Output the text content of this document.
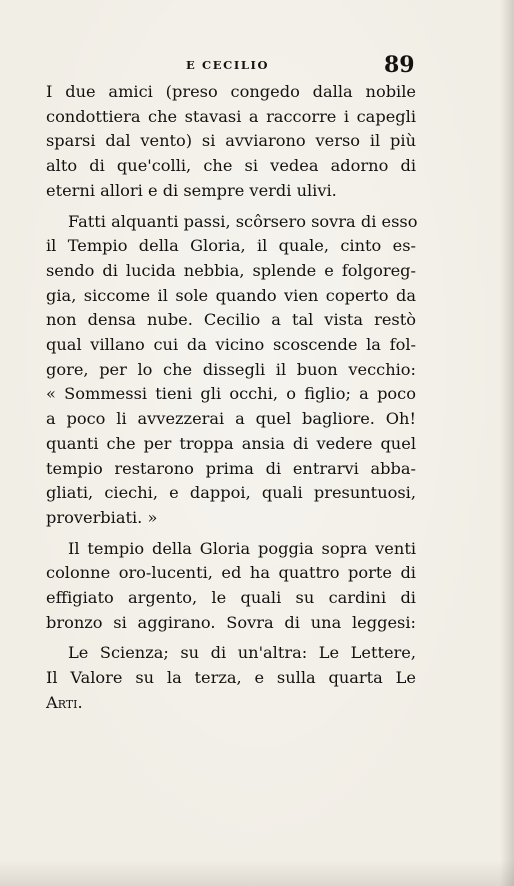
E CECILIO	89
I due amici (preso congedo dalla nobile
condottiera che stavasi a raccorre i capegli
sparsi dal vento) si avviarono verso il più
alto di que'colli, che si vedea adorno di
eterni allori e di sempre verdi ulivi.
Fatti alquanti passi, scôrsero sovra di esso
il Tempio della Gloria, il quale, cinto es-
sendo di lucida nebbia, splende e folgoreg-
gia, siccome il sole quando vien coperto da
non densa nube. Cecilio a tal vista restò
qual villano cui da vicino scoscende la fol-
gore, per lo che dissegli il buon vecchio:
« Sommessi tieni gli occhi, o figlio; a poco
a poco li avvezzerai a quel bagliore. Oh!
quanti che per troppa ansia di vedere quel
tempio restarono prima di entrarvi abba-
gliati, ciechi, e dappoi, quali presuntuosi,
proverbiati. »
Il tempio della Gloria poggia sopra venti
colonne oro-lucenti, ed ha quattro porte di
effigiato argento, le quali su cardini di
bronzo si aggirano. Sovra di una leggesi:
Le Scienza; su di un'altra: Le Lettere,
Il Valore su la terza, e sulla quarta Le
Arti.
